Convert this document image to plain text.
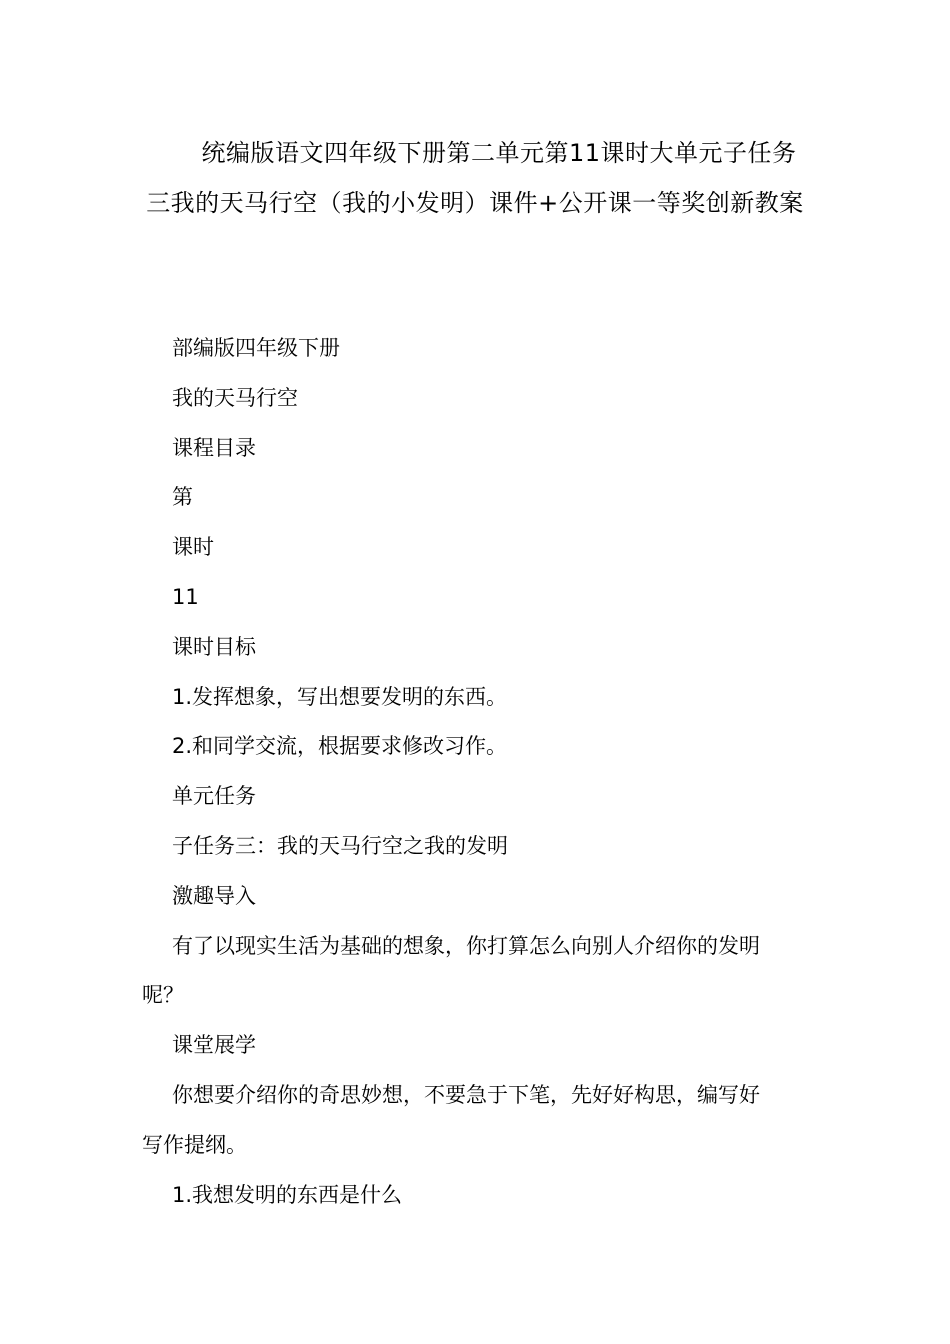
统编版语文四年级下册第二单元第11课时大单元子任务三我的天马行空（我的小发明）课件+公开课一等奖创新教案
部编版四年级下册
我的天马行空
课程目录
第
课时
11
课时目标
1.发挥想象，写出想要发明的东西。
2.和同学交流，根据要求修改习作。
单元任务
子任务三：我的天马行空之我的发明
激趣导入
有了以现实生活为基础的想象，你打算怎么向别人介绍你的发明
呢？
课堂展学
你想要介绍你的奇思妙想，不要急于下笔，先好好构思，编写好
写作提纲。
1.我想发明的东西是什么
